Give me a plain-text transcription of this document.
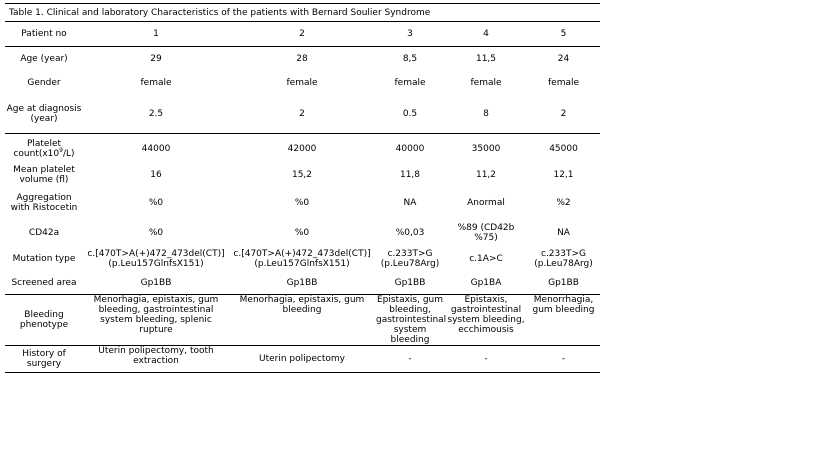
Table 1. Clinical and laboratory Characteristics of the patients with Bernard Soulier Syndrome					
Patient no	1	2	3	4	5
Age (year)	29	28	8,5	11,5	24
Gender	female	female	female	female	female
Age at diagnosis (year)	2.5	2	0.5	8	2
Platelet $count(x10^9/L)$	44000	42000	40000	35000	45000
Mean platelet volume (fl)	16	15,2	11,8	11,2	12,1
Aggregation with Ristocetin	%0	%0	NA	Anormal	%2
CD42a	%0	%0	%0,03	%89 (CD42b %75)	NA
Mutation type	c.[470T>A(+)472_473del(CT)] (p.Leu157GlnfsX151)	c.[470T>A(+)472_473del(CT)] (p.Leu157GlnfsX151)	c.233T>G (p.Leu78Arg)	c.1A>C	c.233T>G (p.Leu78Arg)
Screened area	Gp1BB	Gp1BB	Gp1BB	Gp1BA	Gp1BB
Bleeding phenotype	Menorhagia, epistaxis, gum bleeding, gastrointestinal system bleeding, splenic rupture	Menorhagia, epistaxis, gum bleeding	Epistaxis, gum bleeding, gastrointestinal system bleeding	Epistaxis, gastrointestinal system bleeding, ecchimousis	Menorrhagia, gum bleeding
History of surgery	Uterin polipectomy, tooth extraction	Uterin polipectomy	-	-	-
